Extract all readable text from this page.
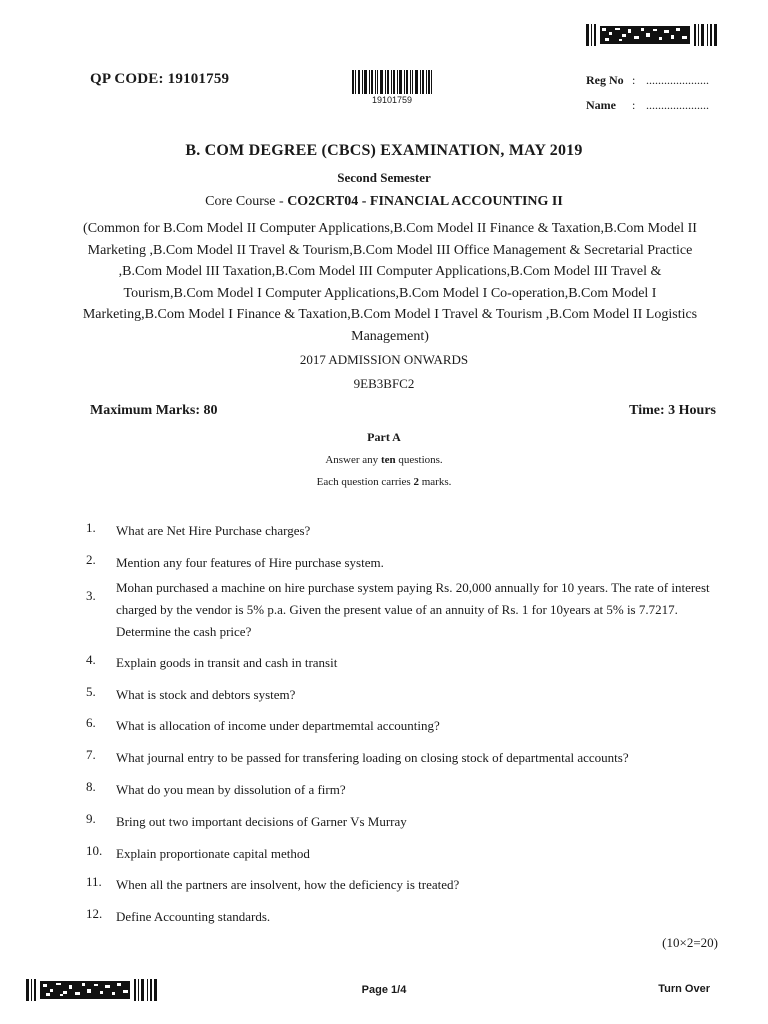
QP CODE: 19101759
19101759
Reg No : .....................
Name	: .....................
B. COM DEGREE (CBCS) EXAMINATION, MAY 2019
Second Semester
Core Course - CO2CRT04 - FINANCIAL ACCOUNTING II
(Common for B.Com Model II Computer Applications,B.Com Model II Finance & Taxation,B.Com Model II
Marketing ,B.Com Model II Travel & Tourism,B.Com Model III Office Management & Secretarial Practice
,B.Com Model III Taxation,B.Com Model III Computer Applications,B.Com Model III Travel &
Tourism,B.Com Model I Computer Applications,B.Com Model I Co-operation,B.Com Model I
Marketing,B.Com Model I Finance & Taxation,B.Com Model I Travel & Tourism ,B.Com Model II Logistics
Management)
2017 ADMISSION ONWARDS
9EB3BFC2
Maximum Marks: 80	Time: 3 Hours
Part A
Answer any ten questions.
Each question carries 2 marks.
1.	What are Net Hire Purchase charges?
2.	Mention any four features of Hire purchase system.
3.
Mohan purchased a machine on hire purchase system paying Rs. 20,000 annually for 10 years. The rate of interest charged by the vendor is 5% p.a. Given the present value of an annuity of Rs. 1 for 10years at 5% is 7.7217. Determine the cash price?
4.	Explain goods in transit and cash in transit
5.	What is stock and debtors system?
6.	What is allocation of income under departmemtal accounting?
7.	What journal entry to be passed for transfering loading on closing stock of departmental accounts?
8.	What do you mean by dissolution of a firm?
9.	Bring out two important decisions of Garner Vs Murray
10.	Explain proportionate capital method
11.	When all the partners are insolvent, how the deficiency is treated?
12.	Define Accounting standards.
(10×2=20)
Page 1/4	Turn Over
